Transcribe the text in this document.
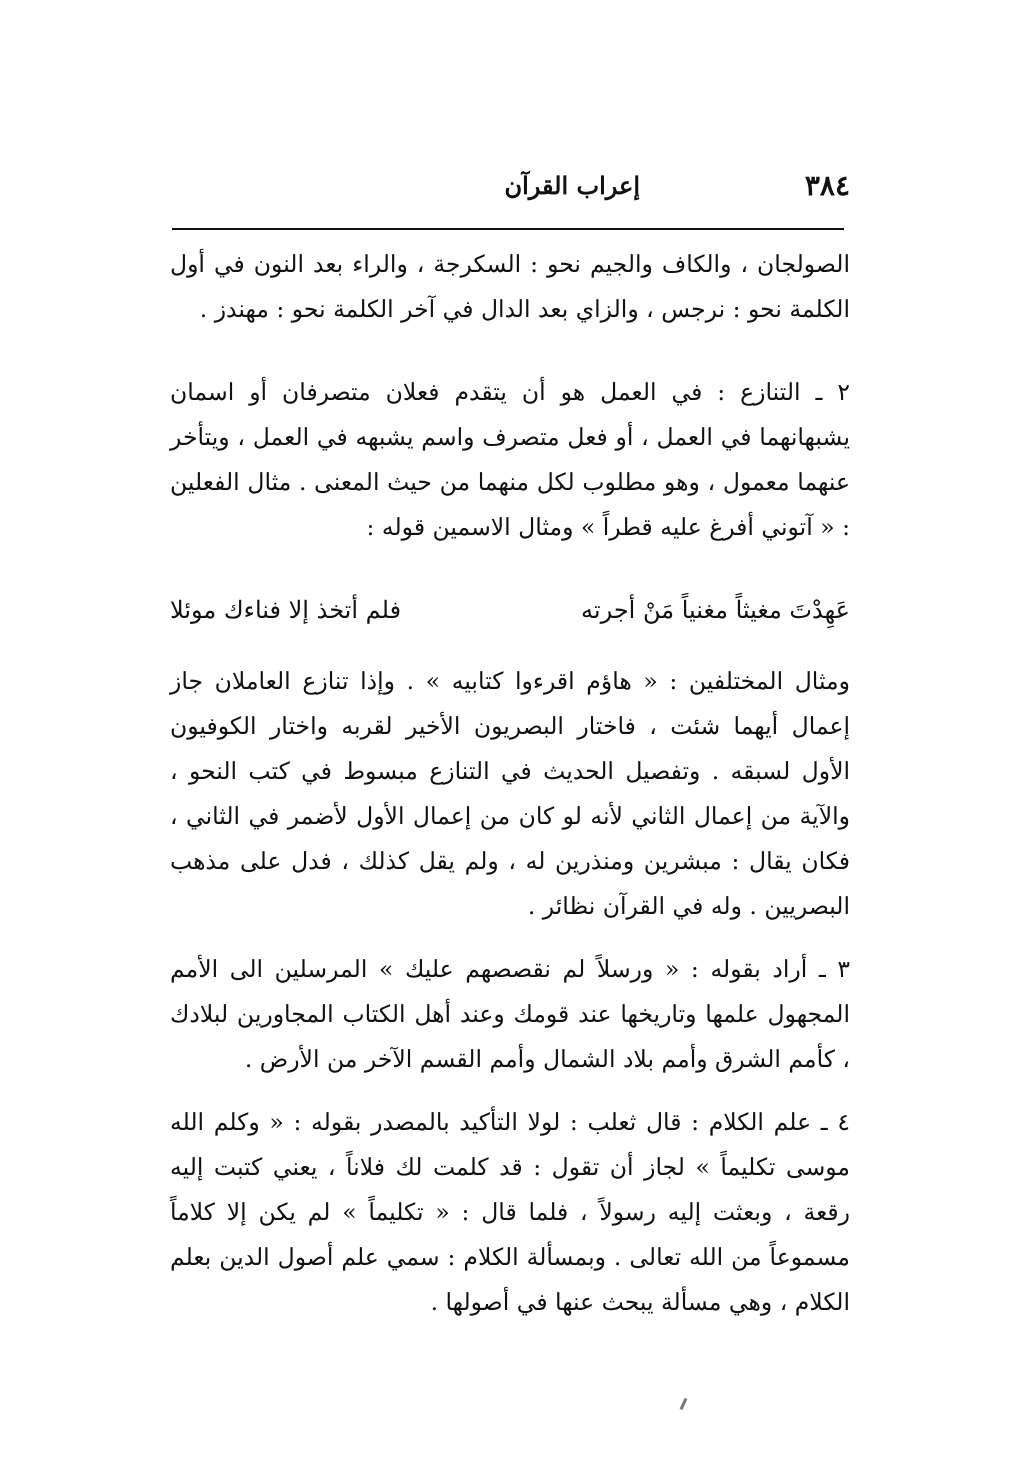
٣٨٤
إعراب القرآن

الصولجان ، والكاف والجيم نحو : السكرجة ، والراء بعد النون في أول الكلمة نحو : نرجس ، والزاي بعد الدال في آخر الكلمة نحو : مهندز .

٢ ـ التنازع : في العمل هو أن يتقدم فعلان متصرفان أو اسمان يشبهانهما في العمل ، أو فعل متصرف واسم يشبهه في العمل ، ويتأخر عنهما معمول ، وهو مطلوب لكل منهما من حيث المعنى . مثال الفعلين : « آتوني أفرغ عليه قطراً » ومثال الاسمين قوله :

عَهِدْتَ مغيثاً مغنياً مَنْ أجرته
فلم أتخذ إلا فناءك موئلا

ومثال المختلفين : « هاؤم اقرءوا كتابيه » . وإذا تنازع العاملان جاز إعمال أيهما شئت ، فاختار البصريون الأخير لقربه واختار الكوفيون الأول لسبقه . وتفصيل الحديث في التنازع مبسوط في كتب النحو ، والآية من إعمال الثاني لأنه لو كان من إعمال الأول لأضمر في الثاني ، فكان يقال : مبشرين ومنذرين له ، ولم يقل كذلك ، فدل على مذهب البصريين . وله في القرآن نظائر .

٣ ـ أراد بقوله : « ورسلاً لم نقصصهم عليك » المرسلين الى الأمم المجهول علمها وتاريخها عند قومك وعند أهل الكتاب المجاورين لبلادك ، كأمم الشرق وأمم بلاد الشمال وأمم القسم الآخر من الأرض .

٤ ـ علم الكلام : قال ثعلب : لولا التأكيد بالمصدر بقوله : « وكلم الله موسى تكليماً » لجاز أن تقول : قد كلمت لك فلاناً ، يعني كتبت إليه رقعة ، وبعثت إليه رسولاً ، فلما قال : « تكليماً » لم يكن إلا كلاماً مسموعاً من الله تعالى . وبمسألة الكلام : سمي علم أصول الدين بعلم الكلام ، وهي مسألة يبحث عنها في أصولها .
